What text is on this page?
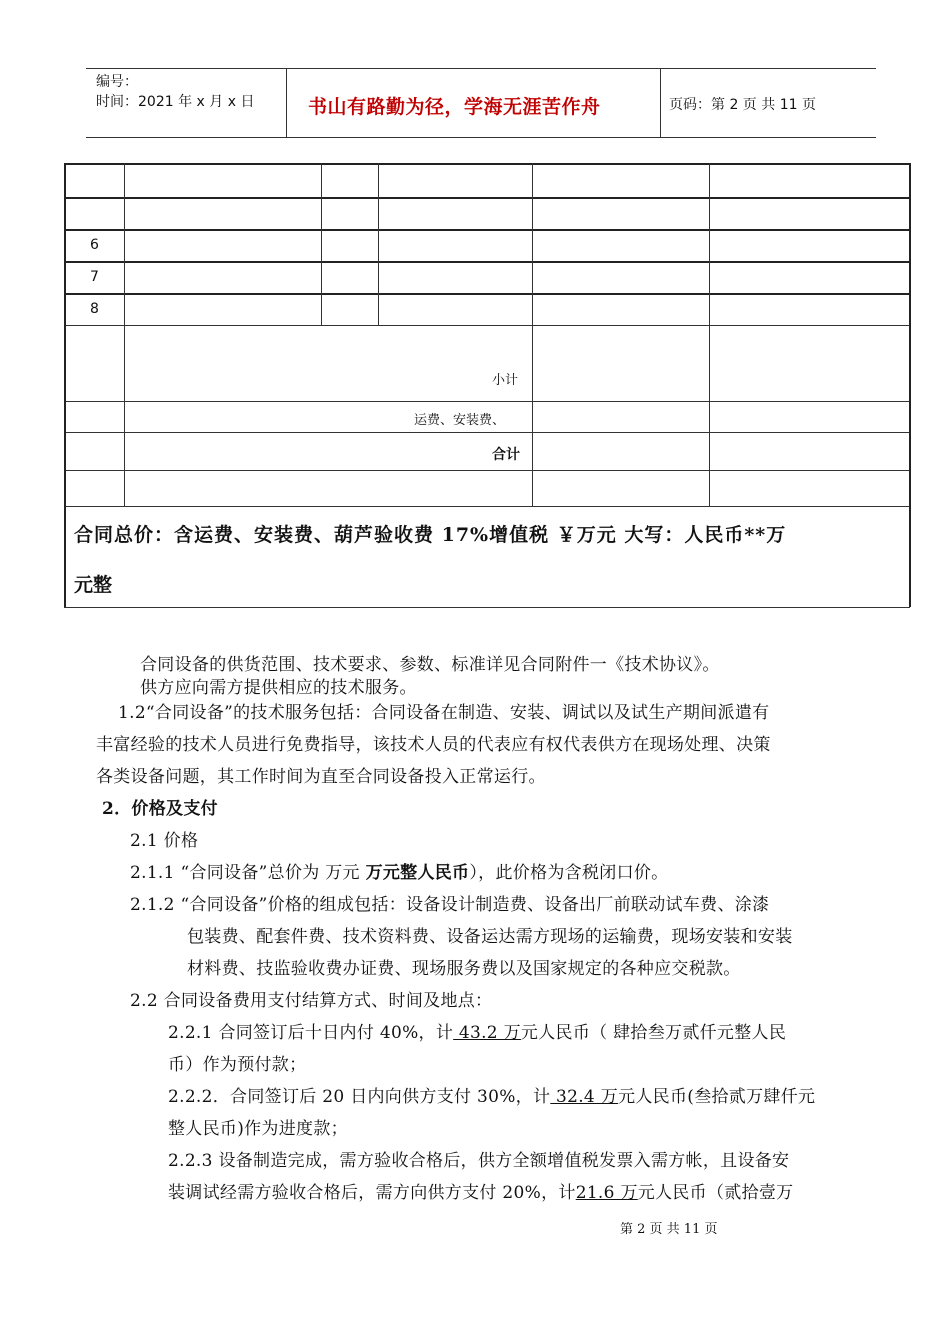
编号：
时间：2021 年 x 月 x 日	书山有路勤为径，学海无涯苦作舟	页码：第 2 页 共 11 页
6
7
8
小计
运费、安装费、
合计
合同总价：含运费、安装费、葫芦验收费 17%增值税 ￥万元 大写：人民币**万
元整
合同设备的供货范围、技术要求、参数、标准详见合同附件一《技术协议》。
供方应向需方提供相应的技术服务。
1.2“合同设备”的技术服务包括：合同设备在制造、安装、调试以及试生产期间派遣有
丰富经验的技术人员进行免费指导，该技术人员的代表应有权代表供方在现场处理、决策
各类设备问题，其工作时间为直至合同设备投入正常运行。
2．价格及支付
2.1 价格
2.1.1 “合同设备”总价为 万元 万元整人民币），此价格为含税闭口价。
2.1.2 “合同设备”价格的组成包括：设备设计制造费、设备出厂前联动试车费、涂漆
包装费、配套件费、技术资料费、设备运达需方现场的运输费，现场安装和安装
材料费、技监验收费办证费、现场服务费以及国家规定的各种应交税款。
2.2 合同设备费用支付结算方式、时间及地点：
2.2.1 合同签订后十日内付 40%，计 43.2 万元人民币（ 肆拾叁万贰仟元整人民
币）作为预付款；
2.2.2．合同签订后 20 日内向供方支付 30%，计 32.4 万元人民币(叁拾贰万肆仟元
整人民币)作为进度款；
2.2.3 设备制造完成，需方验收合格后，供方全额增值税发票入需方帐，且设备安
装调试经需方验收合格后，需方向供方支付 20%，计21.6 万元人民币（贰拾壹万
第 2 页 共 11 页
